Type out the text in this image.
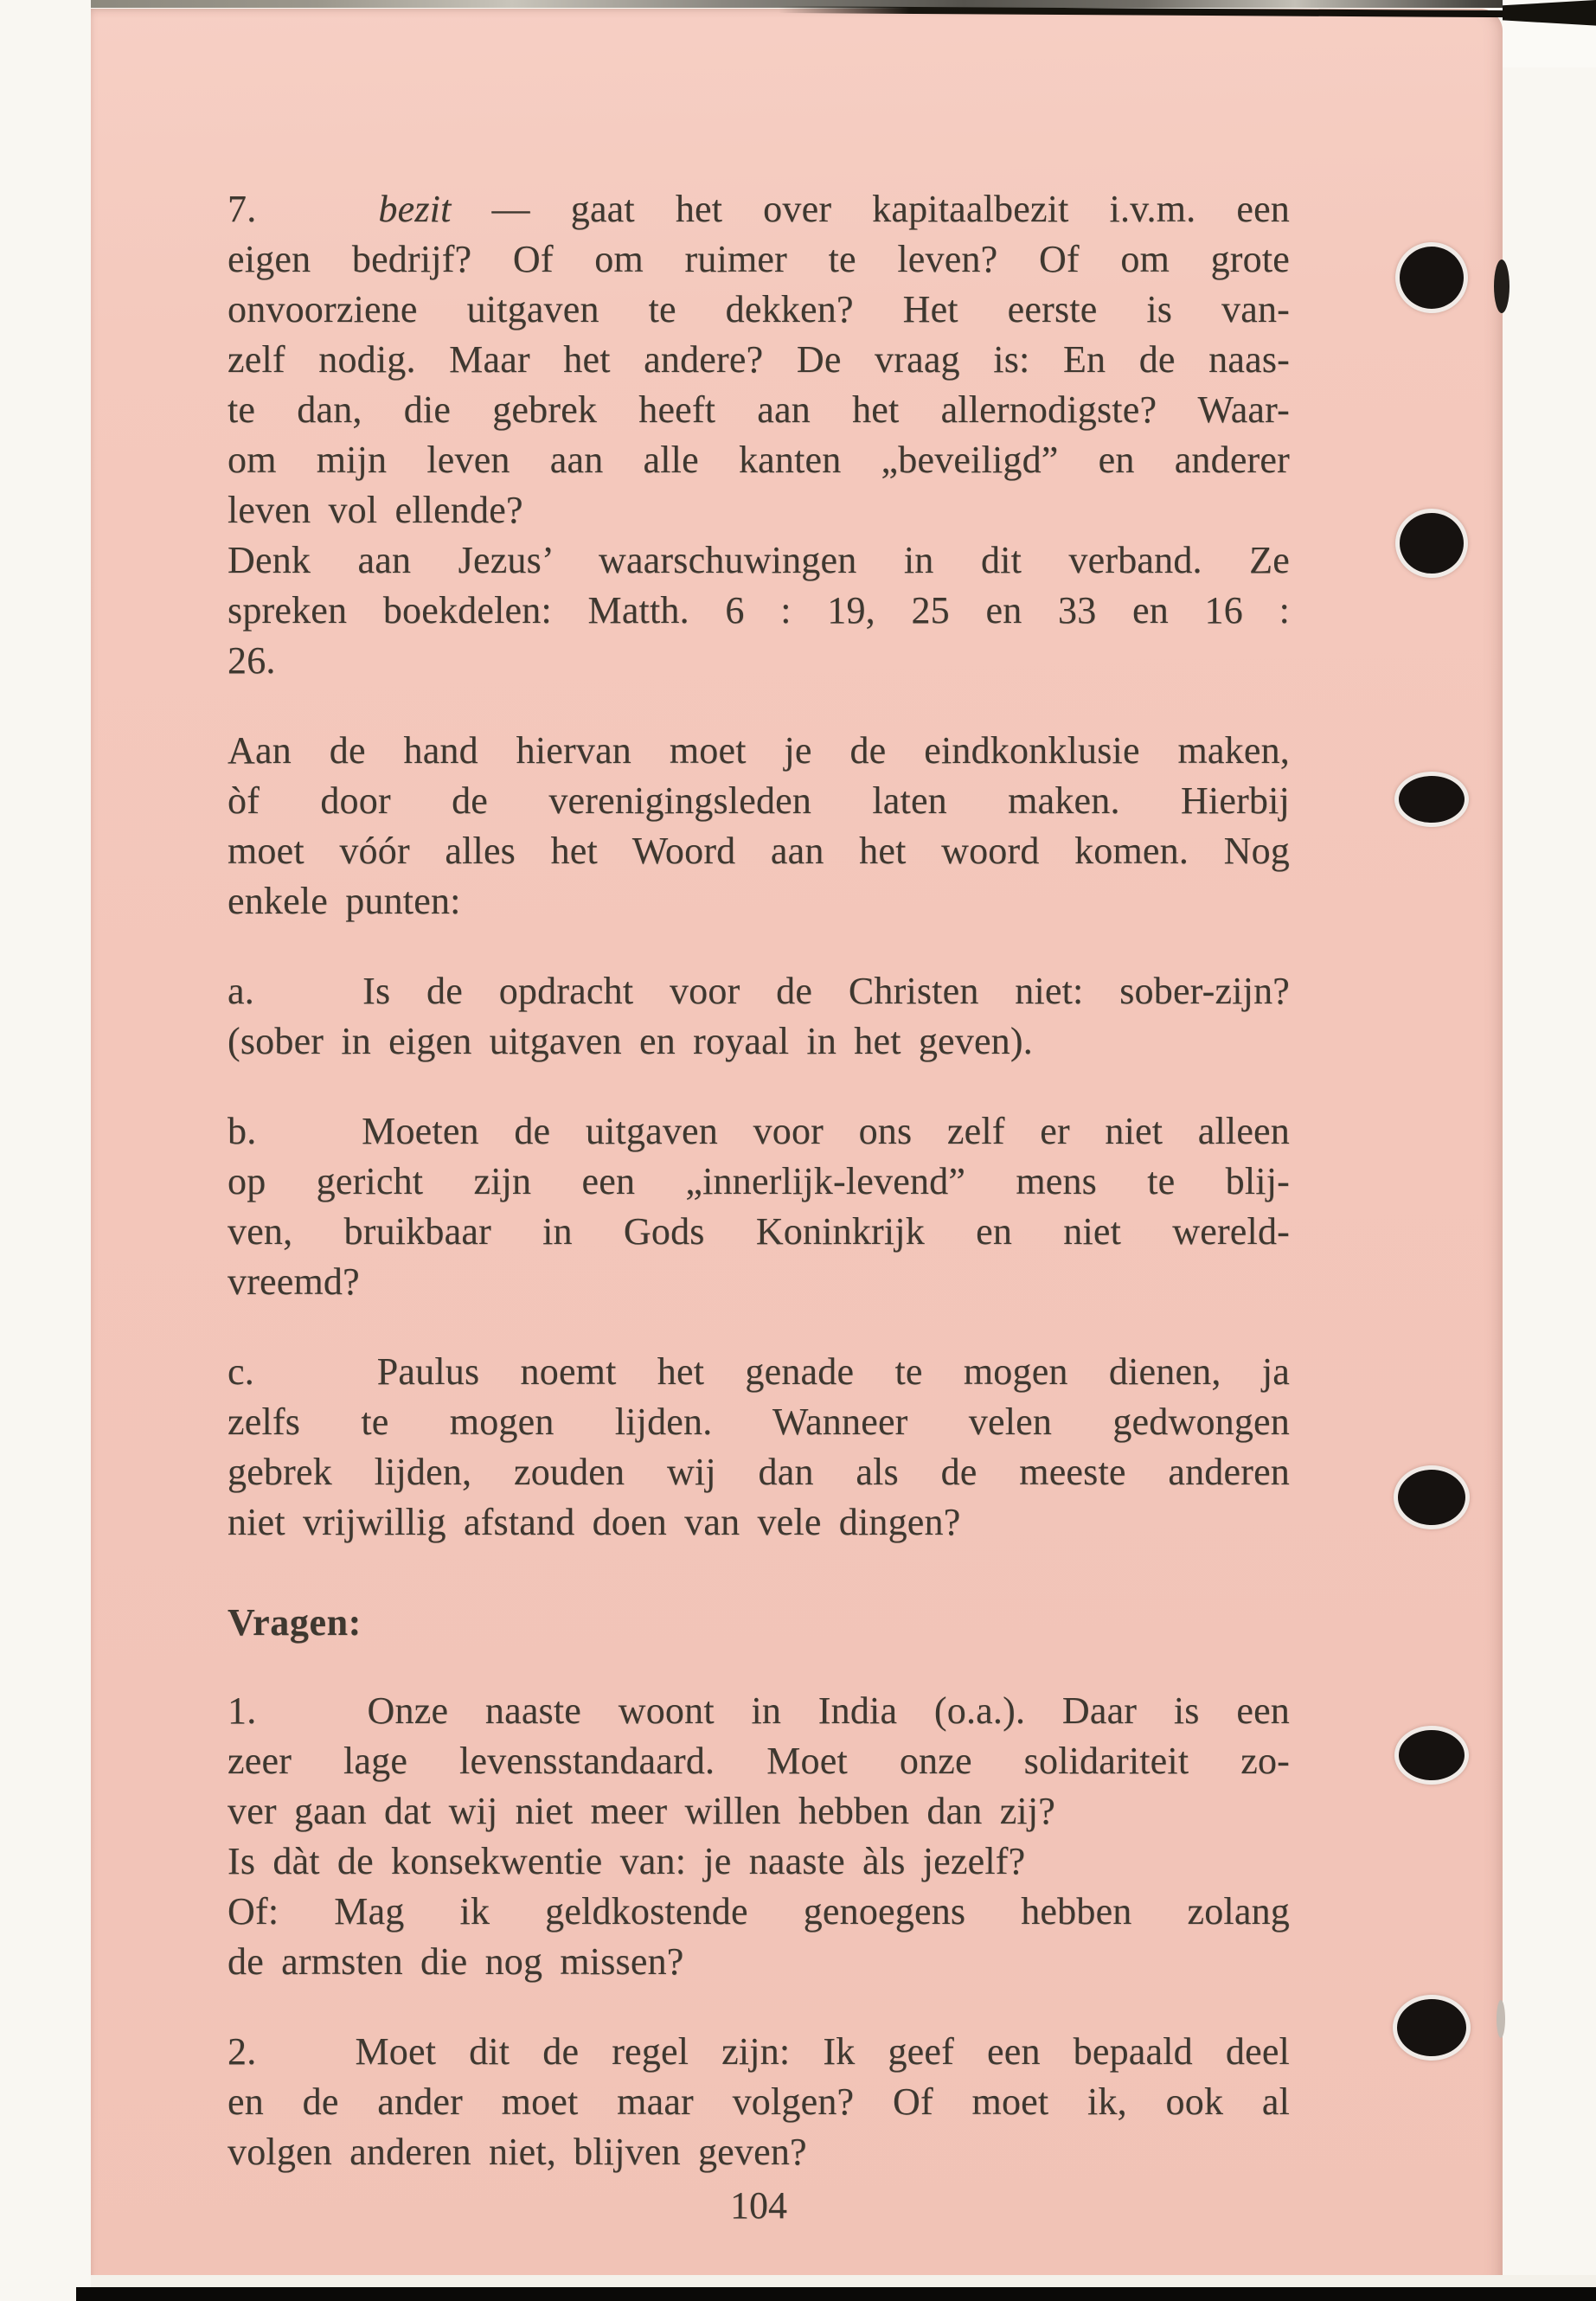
7.   bezit — gaat het over kapitaalbezit i.v.m. een
eigen bedrijf? Of om ruimer te leven? Of om grote
onvoorziene uitgaven te dekken? Het eerste is van-
zelf nodig. Maar het andere? De vraag is: En de naas-
te dan, die gebrek heeft aan het allernodigste? Waar-
om mijn leven aan alle kanten „beveiligd” en anderer
leven vol ellende?
Denk aan Jezus’ waarschuwingen in dit verband. Ze
spreken boekdelen: Matth. 6 : 19, 25 en 33 en 16 :
26.
Aan de hand hiervan moet je de eindkonklusie maken,
òf door de verenigingsleden laten maken. Hierbij
moet vóór alles het Woord aan het woord komen. Nog
enkele punten:
a.   Is de opdracht voor de Christen niet: sober-zijn?
(sober in eigen uitgaven en royaal in het geven).
b.   Moeten de uitgaven voor ons zelf er niet alleen
op gericht zijn een „innerlijk-levend” mens te blij-
ven, bruikbaar in Gods Koninkrijk en niet wereld-
vreemd?
c.   Paulus noemt het genade te mogen dienen, ja
zelfs te mogen lijden. Wanneer velen gedwongen
gebrek lijden, zouden wij dan als de meeste anderen
niet vrijwillig afstand doen van vele dingen?
Vragen:
1.   Onze naaste woont in India (o.a.). Daar is een
zeer lage levensstandaard. Moet onze solidariteit zo-
ver gaan dat wij niet meer willen hebben dan zij?
Is dàt de konsekwentie van: je naaste àls jezelf?
Of: Mag ik geldkostende genoegens hebben zolang
de armsten die nog missen?
2.   Moet dit de regel zijn: Ik geef een bepaald deel
en de ander moet maar volgen? Of moet ik, ook al
volgen anderen niet, blijven geven?
104
